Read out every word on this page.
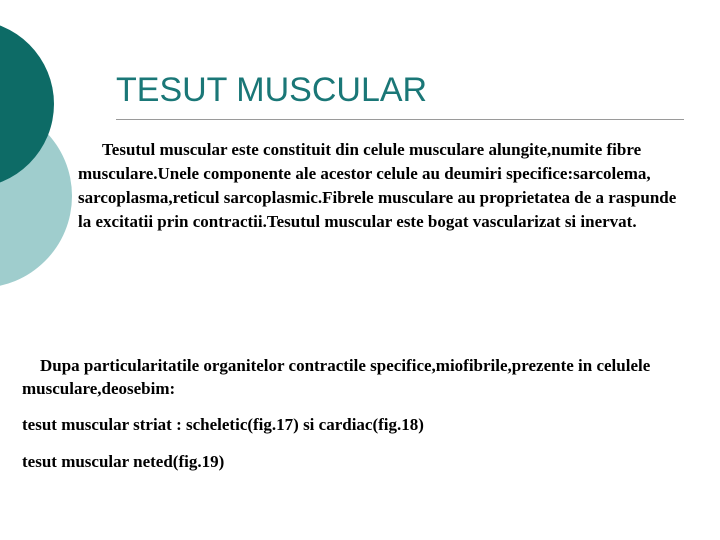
TESUT MUSCULAR

Tesutul muscular este constituit din celule musculare alungite,numite fibre musculare.Unele componente ale acestor celule au deumiri specifice:sarcolema, sarcoplasma,reticul sarcoplasmic.Fibrele musculare au proprietatea de a raspunde la excitatii prin contractii.Tesutul muscular este bogat vascularizat si inervat.

Dupa particularitatile organitelor contractile specifice,miofibrile,prezente in celulele musculare,deosebim:

tesut muscular striat : scheletic(fig.17) si cardiac(fig.18)

tesut muscular neted(fig.19)
